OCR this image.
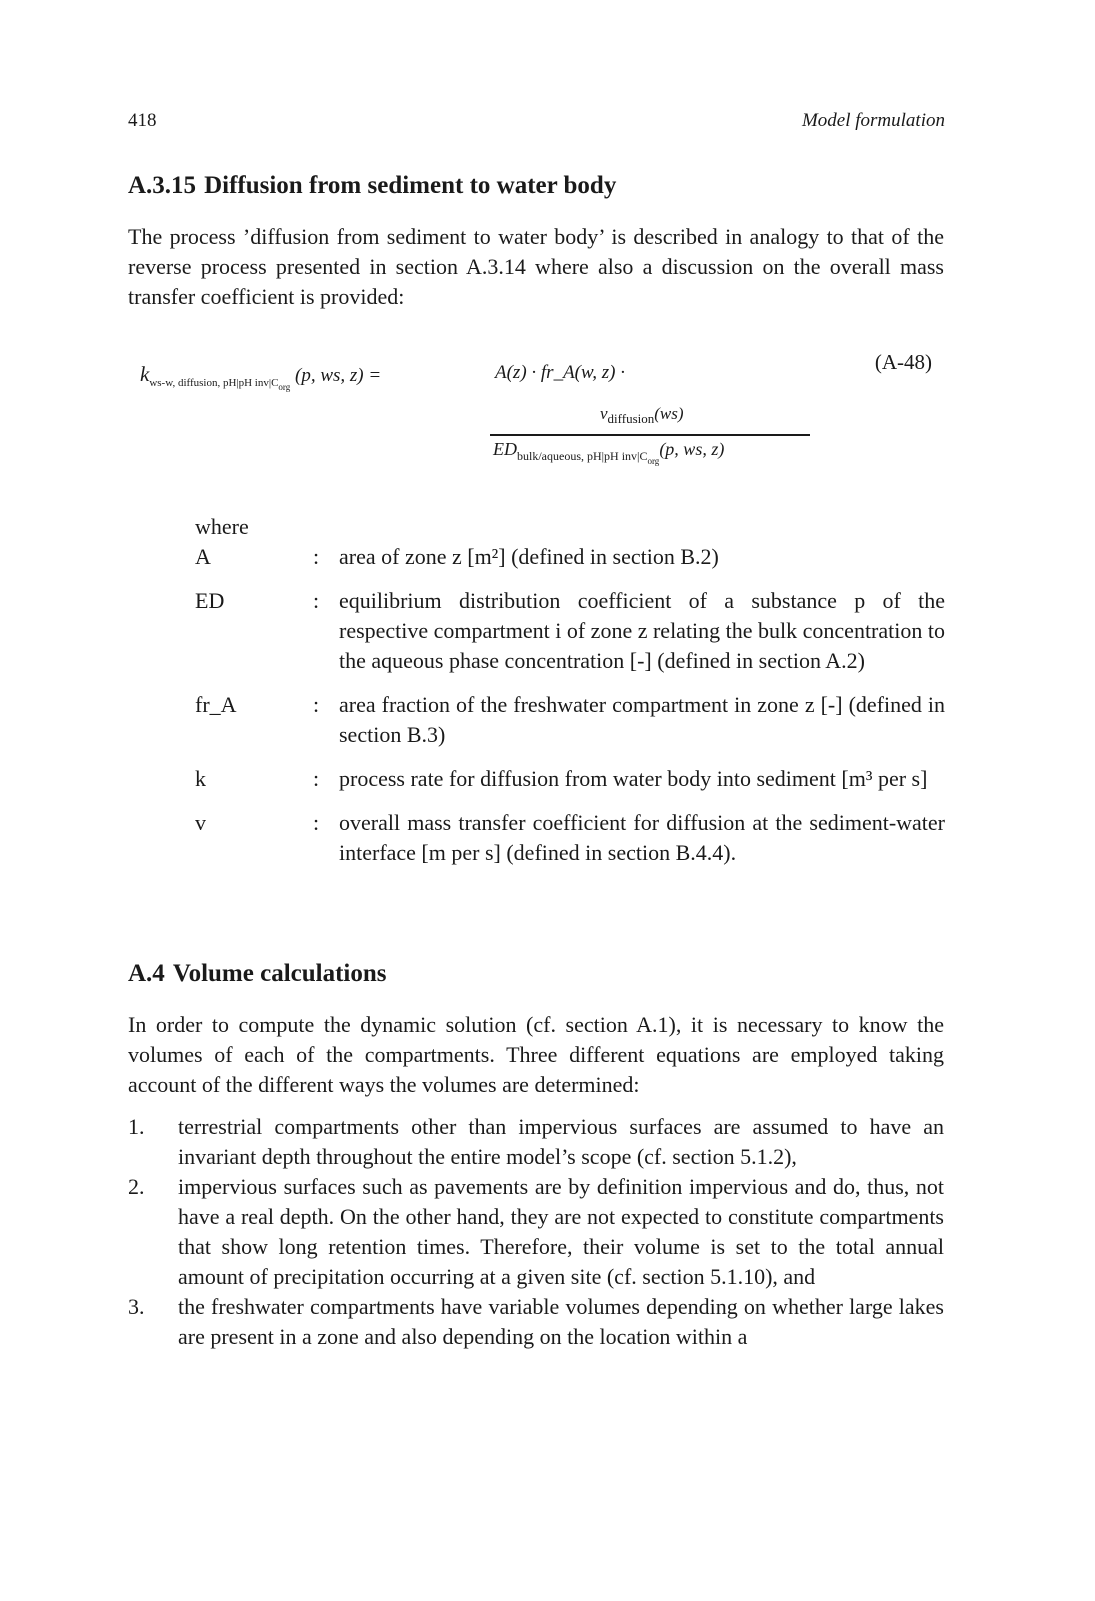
418	Model formulation
A.3.15 Diffusion from sediment to water body
The process ’diffusion from sediment to water body’ is described in analogy to that of the reverse process presented in section A.3.14 where also a discussion on the overall mass transfer coefficient is provided:
$k_{ws-w, diffusion, pH|pH inv|C_{org}}$ (p, ws, z) =	A(z) · fr_A(w, z) ·	(A-48)
$v_{diffusion}(ws)$
$ED_{bulk/aqueous, pH|pH inv|C_{org}}(p$, ws, z)
where
A	: area of zone z [m²] (defined in section B.2)
ED	: equilibrium distribution coefficient of a substance p of the respective compartment i of zone z relating the bulk concentration to the aqueous phase concentration [-] (defined in section A.2)
fr_A	: area fraction of the freshwater compartment in zone z [-] (defined in section B.3)
k	: process rate for diffusion from water body into sediment [m³ per s]
v	: overall mass transfer coefficient for diffusion at the sediment-water interface [m per s] (defined in section B.4.4).
A.4 Volume calculations
In order to compute the dynamic solution (cf. section A.1), it is necessary to know the volumes of each of the compartments. Three different equations are employed taking account of the different ways the volumes are determined:
1.	terrestrial compartments other than impervious surfaces are assumed to have an invariant depth throughout the entire model’s scope (cf. section 5.1.2),
2.	impervious surfaces such as pavements are by definition impervious and do, thus, not have a real depth. On the other hand, they are not expected to constitute compartments that show long retention times. Therefore, their volume is set to the total annual amount of precipitation occurring at a given site (cf. section 5.1.10), and
3.	the freshwater compartments have variable volumes depending on whether large lakes are present in a zone and also depending on the location within a
